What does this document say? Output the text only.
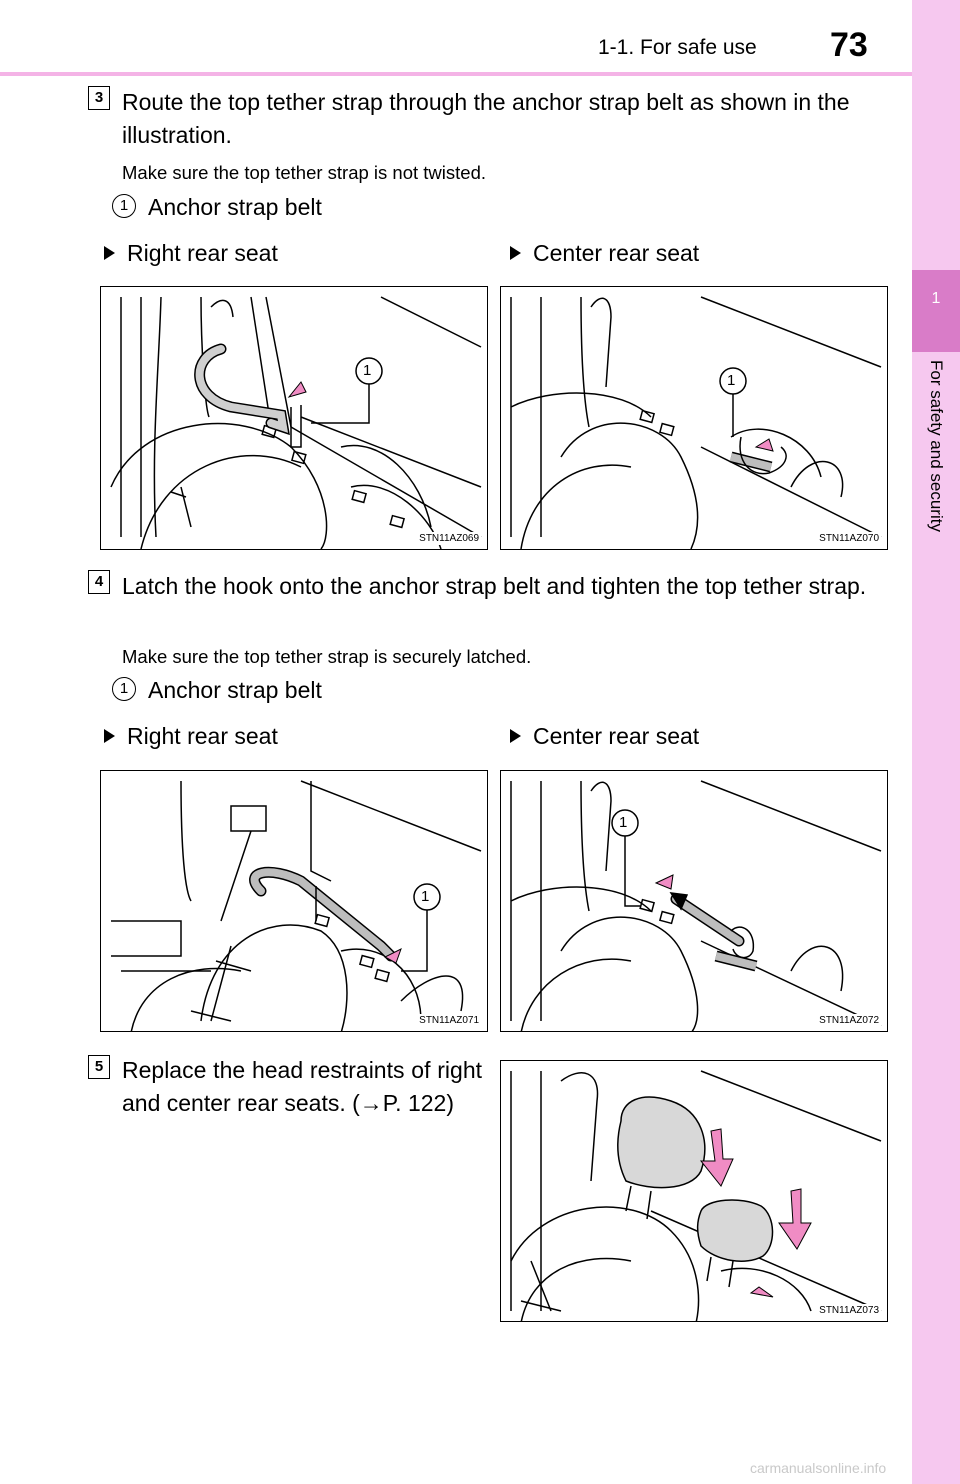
1-1. For safe use 73
1
For safety and security
3 Route the top tether strap through the anchor strap belt as shown in the illustration.
Make sure the top tether strap is not twisted.
1 Anchor strap belt
Right rear seat	Center rear seat
1
STN11AZ069
1
STN11AZ070
4 Latch the hook onto the anchor strap belt and tighten the top tether strap.
Make sure the top tether strap is securely latched.
1 Anchor strap belt
Right rear seat	Center rear seat
1
STN11AZ071
1
STN11AZ072
5 Replace the head restraints of right and center rear seats. (→P. 122)
STN11AZ073
carmanualsonline.info
